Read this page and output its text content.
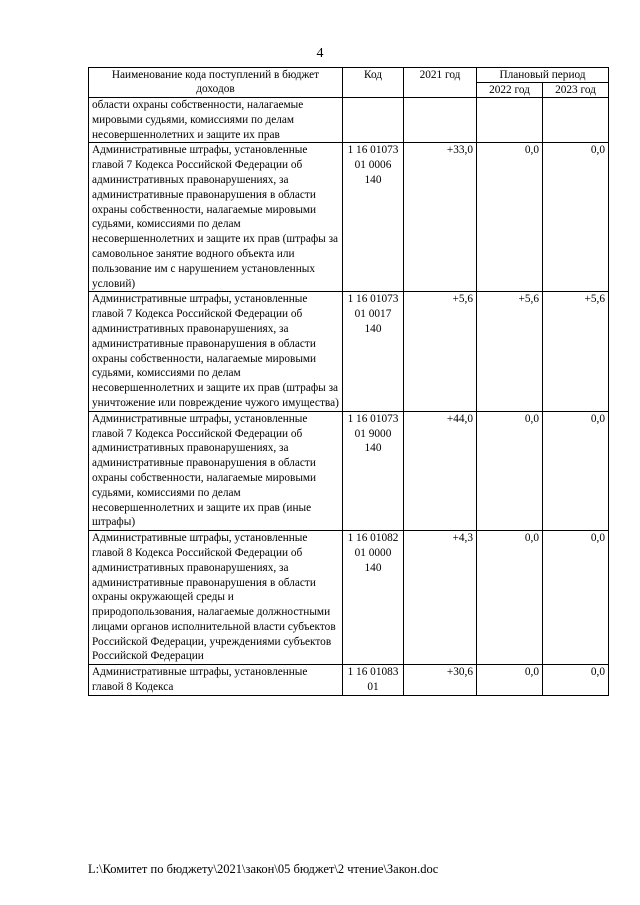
4
Наименование кода поступлений в бюджет доходов	Код	2021 год	Плановый период	
			2022 год	2023 год
области охраны собственности, налагаемые мировыми судьями, комиссиями по делам несовершеннолетних и защите их прав				
Административные штрафы, установленные главой 7 Кодекса Российской Федерации об административных правонарушениях, за административные правонарушения в области охраны собственности, налагаемые мировыми судьями, комиссиями по делам несовершеннолетних и защите их прав (штрафы за самовольное занятие водного объекта или пользование им с нарушением установленных условий)	1 16 01073 01 0006 140	+33,0	0,0	0,0
Административные штрафы, установленные главой 7 Кодекса Российской Федерации об административных правонарушениях, за административные правонарушения в области охраны собственности, налагаемые мировыми судьями, комиссиями по делам несовершеннолетних и защите их прав (штрафы за уничтожение или повреждение чужого имущества)	1 16 01073 01 0017 140	+5,6	+5,6	+5,6
Административные штрафы, установленные главой 7 Кодекса Российской Федерации об административных правонарушениях, за административные правонарушения в области охраны собственности, налагаемые мировыми судьями, комиссиями по делам несовершеннолетних и защите их прав (иные штрафы)	1 16 01073 01 9000 140	+44,0	0,0	0,0
Административные штрафы, установленные главой 8 Кодекса Российской Федерации об административных правонарушениях, за административные правонарушения в области охраны окружающей среды и природопользования, налагаемые должностными лицами органов исполнительной власти субъектов Российской Федерации, учреждениями субъектов Российской Федерации	1 16 01082 01 0000 140	+4,3	0,0	0,0
Административные штрафы, установленные главой 8 Кодекса	1 16 01083 01	+30,6	0,0	0,0
L:\Комитет по бюджету\2021\закон\05 бюджет\2 чтение\Закон.doc
